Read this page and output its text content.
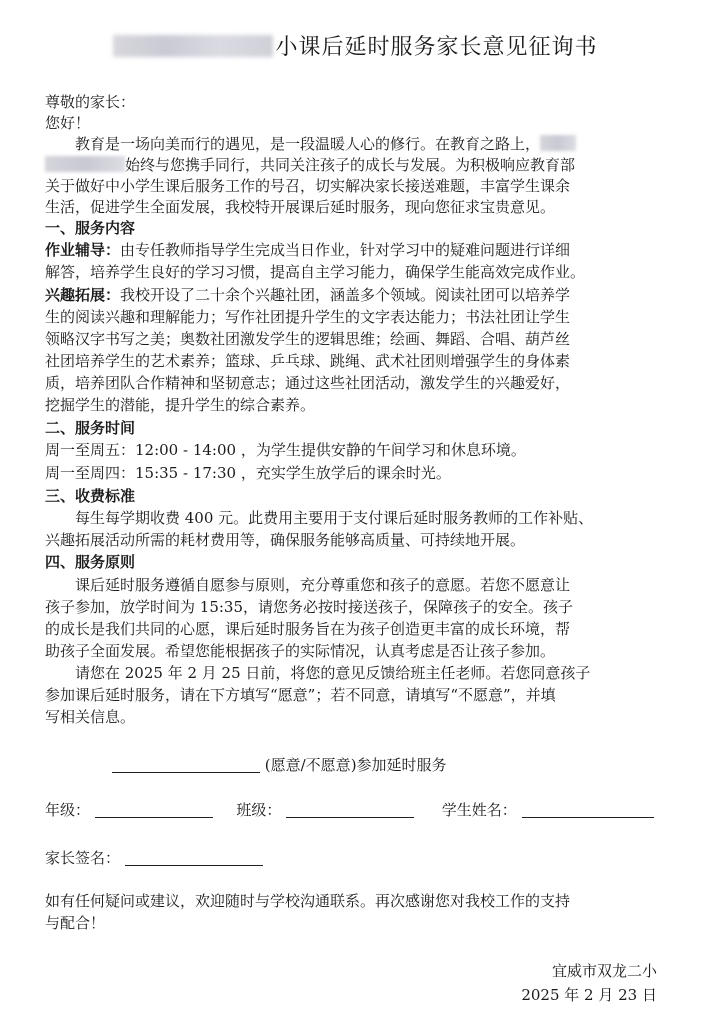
小课后延时服务家长意见征询书
尊敬的家长：
您好！
教育是一场向美而行的遇见，是一段温暖人心的修行。在教育之路上，
始终与您携手同行，共同关注孩子的成长与发展。为积极响应教育部
关于做好中小学生课后服务工作的号召，切实解决家长接送难题，丰富学生课余
生活，促进学生全面发展，我校特开展课后延时服务，现向您征求宝贵意见。
一、服务内容
作业辅导：由专任教师指导学生完成当日作业，针对学习中的疑难问题进行详细
解答，培养学生良好的学习习惯，提高自主学习能力，确保学生能高效完成作业。
兴趣拓展：我校开设了二十余个兴趣社团，涵盖多个领域。阅读社团可以培养学
生的阅读兴趣和理解能力；写作社团提升学生的文字表达能力；书法社团让学生
领略汉字书写之美；奥数社团激发学生的逻辑思维；绘画、舞蹈、合唱、葫芦丝
社团培养学生的艺术素养；篮球、乒乓球、跳绳、武术社团则增强学生的身体素
质，培养团队合作精神和坚韧意志；通过这些社团活动，激发学生的兴趣爱好，
挖掘学生的潜能，提升学生的综合素养。
二、服务时间
周一至周五：12:00 - 14:00 ，为学生提供安静的午间学习和休息环境。
周一至周四：15:35 - 17:30 ，充实学生放学后的课余时光。
三、收费标准
每生每学期收费 400 元。此费用主要用于支付课后延时服务教师的工作补贴、
兴趣拓展活动所需的耗材费用等，确保服务能够高质量、可持续地开展。
四、服务原则
课后延时服务遵循自愿参与原则，充分尊重您和孩子的意愿。若您不愿意让
孩子参加，放学时间为 15:35，请您务必按时接送孩子，保障孩子的安全。孩子
的成长是我们共同的心愿，课后延时服务旨在为孩子创造更丰富的成长环境，帮
助孩子全面发展。希望您能根据孩子的实际情况，认真考虑是否让孩子参加。
请您在 2025 年 2 月 25 日前，将您的意见反馈给班主任老师。若您同意孩子
参加课后延时服务，请在下方填写“愿意”；若不同意，请填写“不愿意”，并填
写相关信息。
(愿意/不愿意)参加延时服务
年级：	班级：	学生姓名：
家长签名：
如有任何疑问或建议，欢迎随时与学校沟通联系。再次感谢您对我校工作的支持
与配合！
宜威市双龙二小
2025 年 2 月 23 日
